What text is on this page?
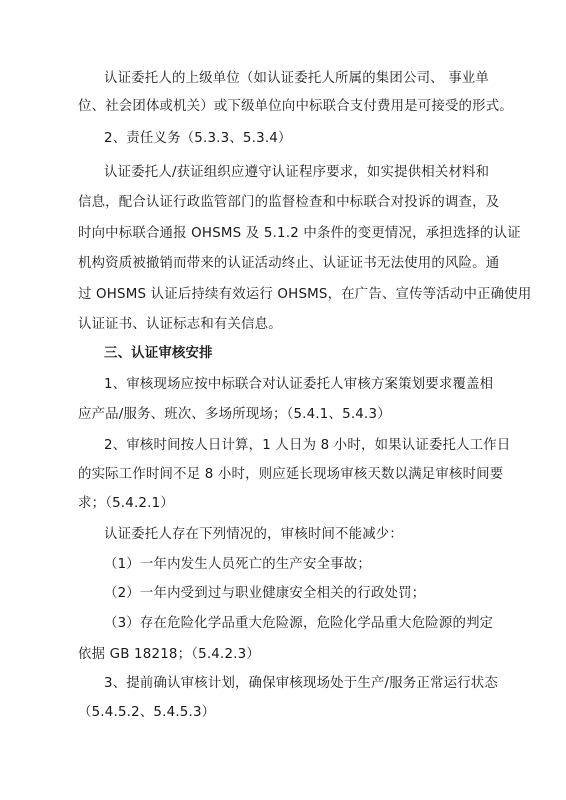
认证委托人的上级单位（如认证委托人所属的集团公司、 事业单
位、社会团体或机关）或下级单位向中标联合支付费用是可接受的形式。
2、责任义务（5.3.3、5.3.4）
认证委托人/获证组织应遵守认证程序要求，如实提供相关材料和
信息，配合认证行政监管部门的监督检查和中标联合对投诉的调查，及
时向中标联合通报 OHSMS 及 5.1.2 中条件的变更情况，承担选择的认证
机构资质被撤销而带来的认证活动终止、认证证书无法使用的风险。通
过 OHSMS 认证后持续有效运行 OHSMS，在广告、宣传等活动中正确使用
认证证书、认证标志和有关信息。
三、认证审核安排
1、审核现场应按中标联合对认证委托人审核方案策划要求覆盖相
应产品/服务、班次、多场所现场；（5.4.1、5.4.3）
2、审核时间按人日计算，1 人日为 8 小时，如果认证委托人工作日
的实际工作时间不足 8 小时，则应延长现场审核天数以满足审核时间要
求；（5.4.2.1）
认证委托人存在下列情况的，审核时间不能减少：
（1）一年内发生人员死亡的生产安全事故；
（2）一年内受到过与职业健康安全相关的行政处罚；
（3）存在危险化学品重大危险源，危险化学品重大危险源的判定
依据 GB 18218；（5.4.2.3）
3、提前确认审核计划，确保审核现场处于生产/服务正常运行状态
（5.4.5.2、5.4.5.3）
